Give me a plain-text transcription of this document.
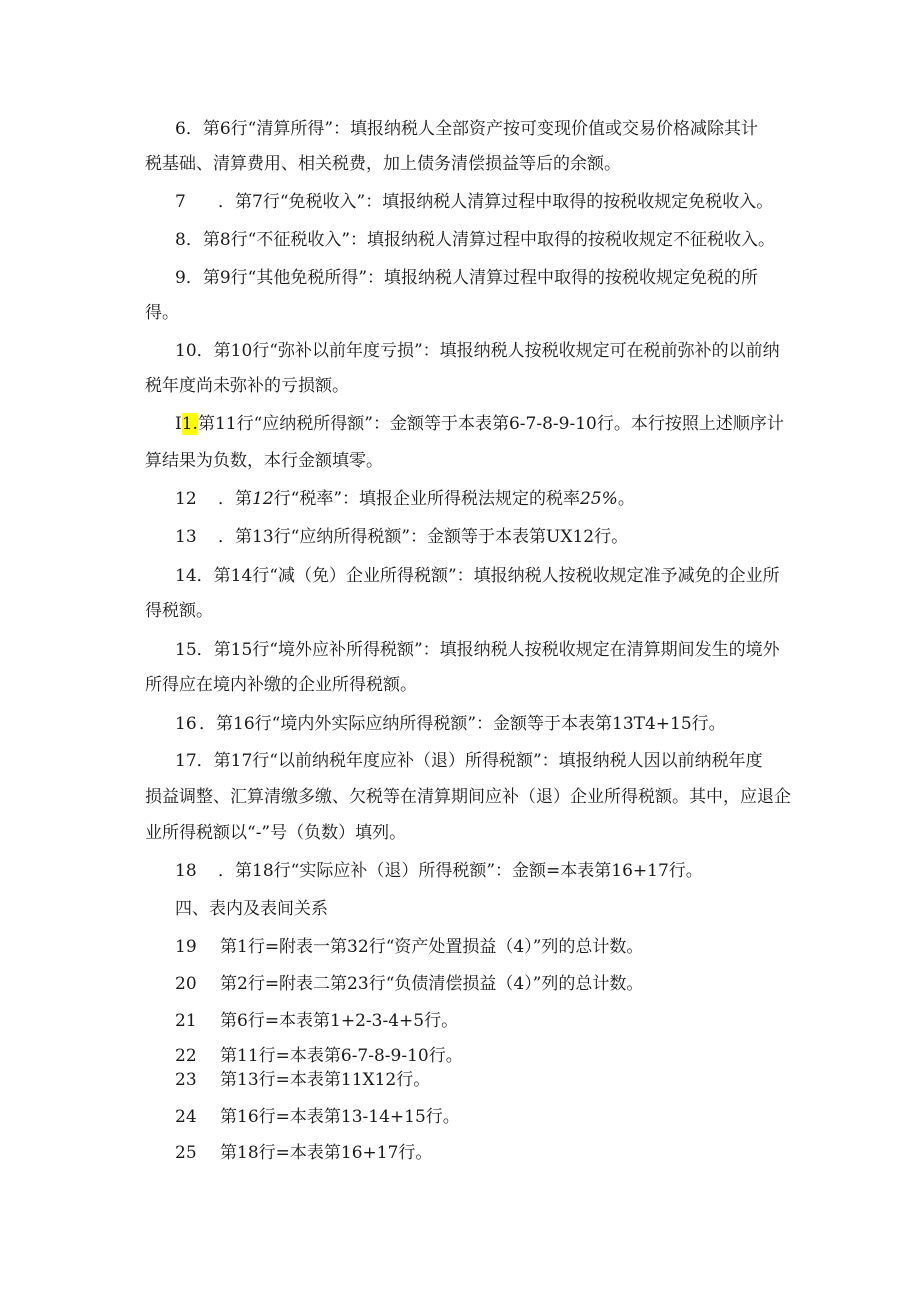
6．第6行“清算所得”：填报纳税人全部资产按可变现价值或交易价格减除其计
税基础、清算费用、相关税费，加上债务清偿损益等后的余额。
7 ．第7行“免税收入”：填报纳税人清算过程中取得的按税收规定免税收入。
8．第8行“不征税收入”：填报纳税人清算过程中取得的按税收规定不征税收入。
9．第9行“其他免税所得”：填报纳税人清算过程中取得的按税收规定免税的所
得。
10．第10行“弥补以前年度亏损”：填报纳税人按税收规定可在税前弥补的以前纳
税年度尚未弥补的亏损额。
I1.第11行“应纳税所得额”：金额等于本表第6-7-8-9-10行。本行按照上述顺序计
算结果为负数，本行金额填零。
12 ．第12行“税率”：填报企业所得税法规定的税率25%。
13 ．第13行“应纳所得税额”：金额等于本表第UX12行。
14．第14行“减（免）企业所得税额”：填报纳税人按税收规定准予减免的企业所
得税额。
15．第15行“境外应补所得税额”：填报纳税人按税收规定在清算期间发生的境外
所得应在境内补缴的企业所得税额。
16 ．第16行“境内外实际应纳所得税额”：金额等于本表第13T4+15行。
17．第17行“以前纳税年度应补（退）所得税额”：填报纳税人因以前纳税年度
损益调整、汇算清缴多缴、欠税等在清算期间应补（退）企业所得税额。其中，应退企
业所得税额以“-”号（负数）填列。
18 ．第18行“实际应补（退）所得税额”：金额=本表第16+17行。
四、表内及表间关系
19 第1行=附表一第32行“资产处置损益（4）”列的总计数。
20 第2行=附表二第23行“负债清偿损益（4）”列的总计数。
21 第6行=本表第1+2-3-4+5行。
22 第11行=本表第6-7-8-9-10行。
23 第13行=本表第11X12行。
24 第16行=本表第13-14+15行。
25 第18行=本表第16+17行。
